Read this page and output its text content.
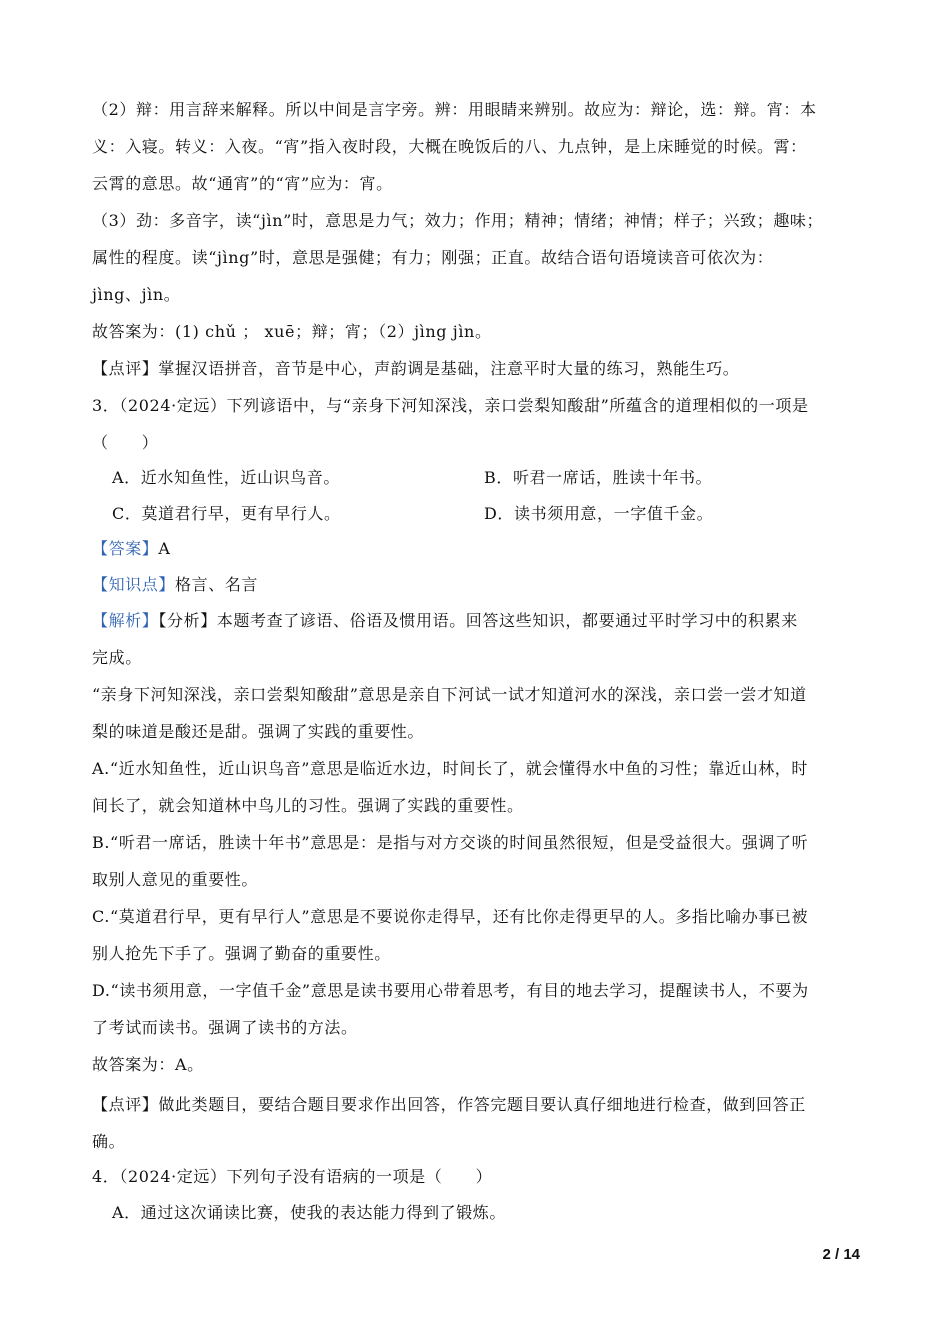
（2）辩：用言辞来解释。所以中间是言字旁。辨：用眼睛来辨别。故应为：辩论，选：辩。宵：本
义：入寝。转义：入夜。“宵”指入夜时段，大概在晚饭后的八、九点钟，是上床睡觉的时候。霄：
云霄的意思。故“通宵”的“宵”应为：宵。
（3）劲：多音字，读“jìn”时，意思是力气；效力；作用；精神；情绪；神情；样子；兴致；趣味；
属性的程度。读“jìng”时，意思是强健；有力；刚强；正直。故结合语句语境读音可依次为：
jìng、jìn。
故答案为：(1) chǔ ； xuē；辩；宵；（2）jìng jìn。
【点评】掌握汉语拼音，音节是中心，声韵调是基础，注意平时大量的练习，熟能生巧。
3．（2024·定远）下列谚语中，与“亲身下河知深浅，亲口尝梨知酸甜”所蕴含的道理相似的一项是
（　　）
A．近水知鱼性，近山识鸟音。	B．听君一席话，胜读十年书。
C．莫道君行早，更有早行人。	D．读书须用意，一字值千金。
【答案】A
【知识点】格言、名言
【解析】【分析】本题考查了谚语、俗语及惯用语。回答这些知识，都要通过平时学习中的积累来
完成。
“亲身下河知深浅，亲口尝梨知酸甜”意思是亲自下河试一试才知道河水的深浅，亲口尝一尝才知道
梨的味道是酸还是甜。强调了实践的重要性。
A.“近水知鱼性，近山识鸟音”意思是临近水边，时间长了，就会懂得水中鱼的习性；靠近山林，时
间长了，就会知道林中鸟儿的习性。强调了实践的重要性。
B.“听君一席话，胜读十年书”意思是：是指与对方交谈的时间虽然很短，但是受益很大。强调了听
取别人意见的重要性。
C.“莫道君行早，更有早行人”意思是不要说你走得早，还有比你走得更早的人。多指比喻办事已被
别人抢先下手了。强调了勤奋的重要性。
D.“读书须用意，一字值千金”意思是读书要用心带着思考，有目的地去学习，提醒读书人，不要为
了考试而读书。强调了读书的方法。
故答案为：A。
【点评】做此类题目，要结合题目要求作出回答，作答完题目要认真仔细地进行检查，做到回答正
确。
4．（2024·定远）下列句子没有语病的一项是（　　）
A．通过这次诵读比赛，使我的表达能力得到了锻炼。
2 / 14
